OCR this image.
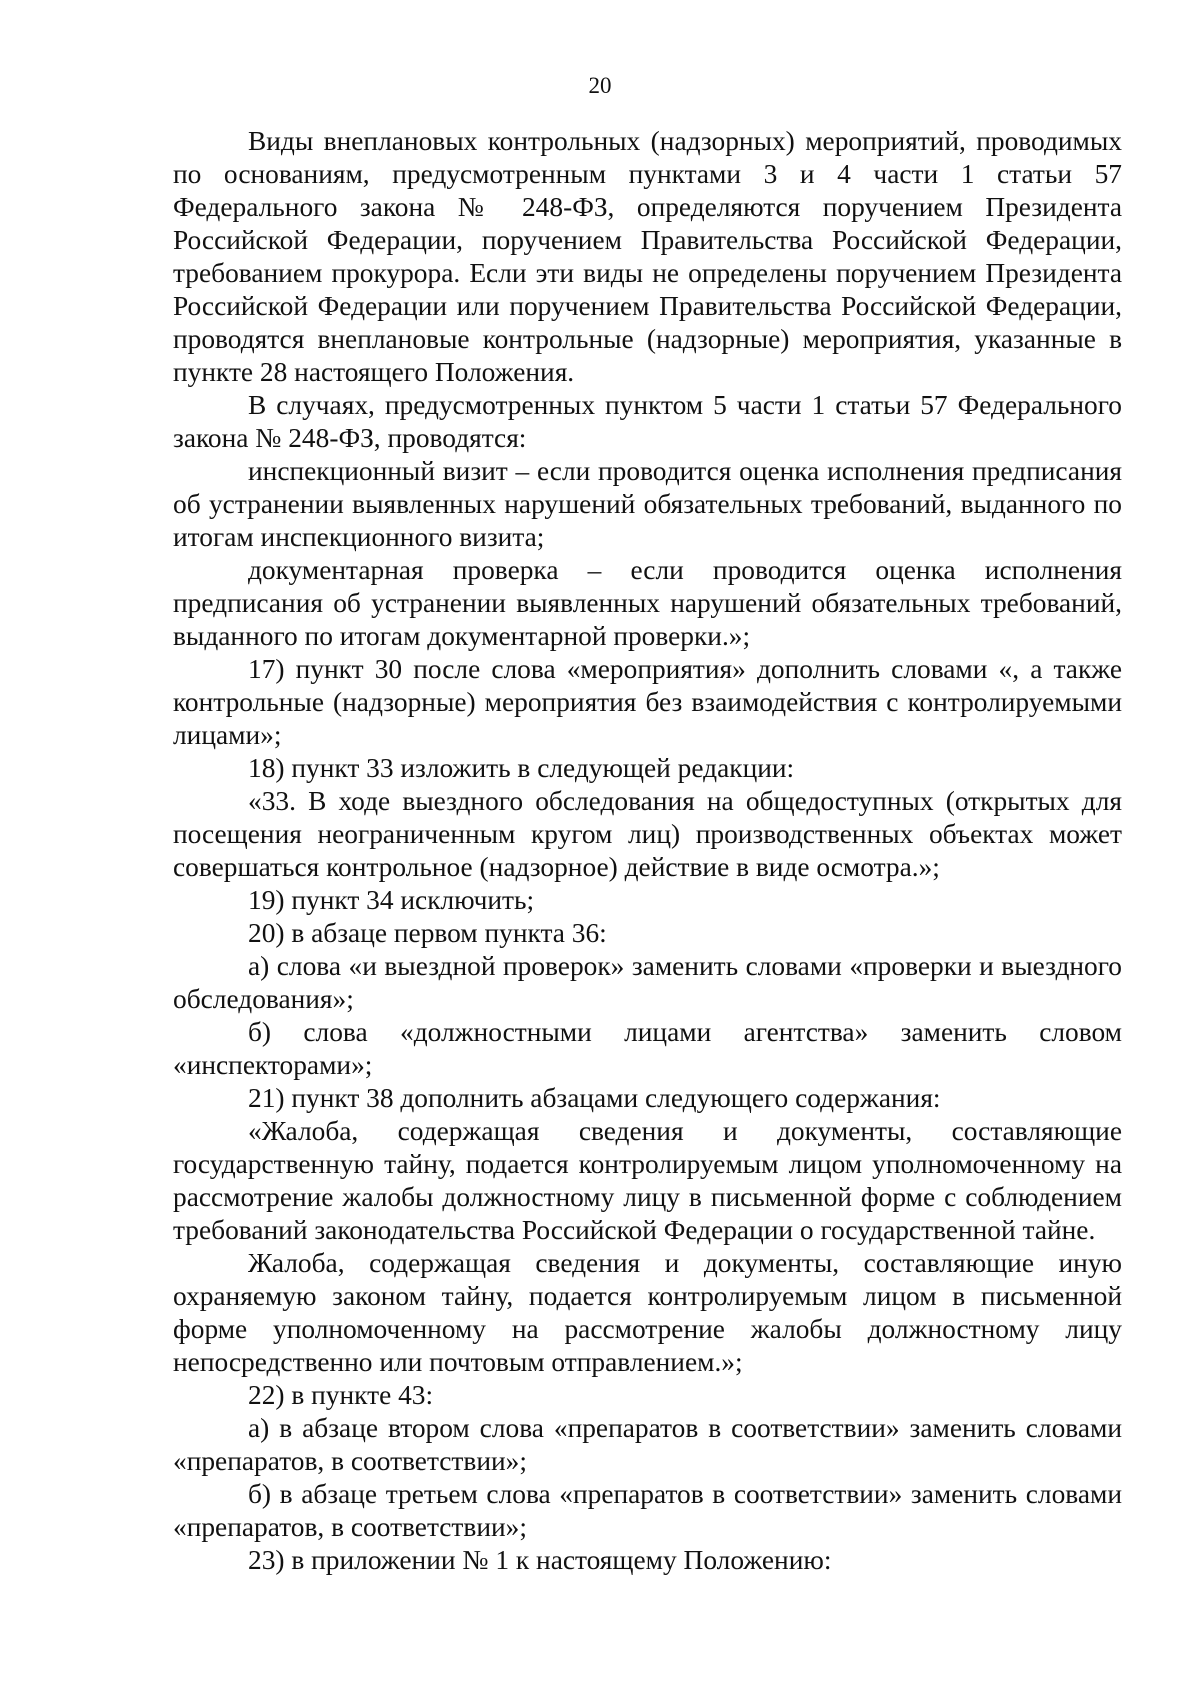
20

Виды внеплановых контрольных (надзорных) мероприятий, проводимых по основаниям, предусмотренным пунктами 3 и 4 части 1 статьи 57 Федерального закона № 248-ФЗ, определяются поручением Президента Российской Федерации, поручением Правительства Российской Федерации, требованием прокурора. Если эти виды не определены поручением Президента Российской Федерации или поручением Правительства Российской Федерации, проводятся внеплановые контрольные (надзорные) мероприятия, указанные в пункте 28 настоящего Положения.

В случаях, предусмотренных пунктом 5 части 1 статьи 57 Федерального закона № 248-ФЗ, проводятся:

инспекционный визит – если проводится оценка исполнения предписания об устранении выявленных нарушений обязательных требований, выданного по итогам инспекционного визита;

документарная проверка – если проводится оценка исполнения предписания об устранении выявленных нарушений обязательных требований, выданного по итогам документарной проверки.»;

17) пункт 30 после слова «мероприятия» дополнить словами «, а также контрольные (надзорные) мероприятия без взаимодействия с контролируемыми лицами»;

18) пункт 33 изложить в следующей редакции:

«33. В ходе выездного обследования на общедоступных (открытых для посещения неограниченным кругом лиц) производственных объектах может совершаться контрольное (надзорное) действие в виде осмотра.»;

19) пункт 34 исключить;

20) в абзаце первом пункта 36:

а) слова «и выездной проверок» заменить словами «проверки и выездного обследования»;

б) слова «должностными лицами агентства» заменить словом «инспекторами»;

21) пункт 38 дополнить абзацами следующего содержания:

«Жалоба, содержащая сведения и документы, составляющие государственную тайну, подается контролируемым лицом уполномоченному на рассмотрение жалобы должностному лицу в письменной форме с соблюдением требований законодательства Российской Федерации о государственной тайне.

Жалоба, содержащая сведения и документы, составляющие иную охраняемую законом тайну, подается контролируемым лицом в письменной форме уполномоченному на рассмотрение жалобы должностному лицу непосредственно или почтовым отправлением.»;

22) в пункте 43:

а) в абзаце втором слова «препаратов в соответствии» заменить словами «препаратов, в соответствии»;

б) в абзаце третьем слова «препаратов в соответствии» заменить словами «препаратов, в соответствии»;

23) в приложении № 1 к настоящему Положению:
